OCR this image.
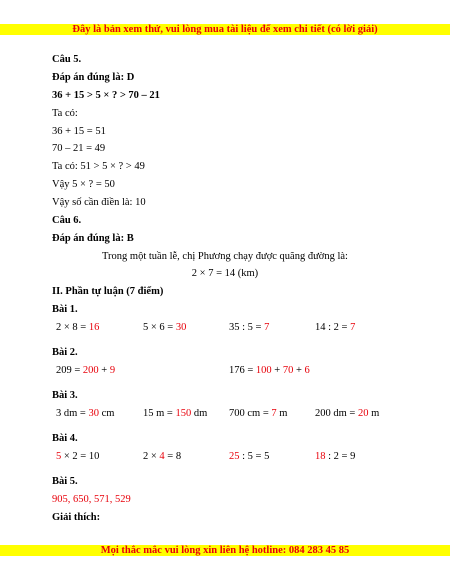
Đây là bản xem thử, vui lòng mua tài liệu để xem chi tiết (có lời giải)
Câu 5.
Đáp án đúng là: D
36 + 15 > 5 × ? > 70 – 21
Ta có:
36 + 15 = 51
70 – 21 = 49
Ta có: 51 > 5 × ? > 49
Vậy 5 × ? = 50
Vậy số cần điền là: 10
Câu 6.
Đáp án đúng là: B
Trong một tuần lễ, chị Phương chạy được quãng đường là:
2 × 7 = 14 (km)
II. Phần tự luận (7 điểm)
Bài 1.
2 × 8 = 16	5 × 6 = 30	35 : 5 = 7	14 : 2 = 7
Bài 2.
209 = 200 + 9	176 = 100 + 70 + 6
Bài 3.
3 dm = 30 cm	15 m = 150 dm 700 cm = 7 m	200 dm = 20 m
Bài 4.
5 × 2 = 10	2 × 4 = 8	25 : 5 = 5	18 : 2 = 9
Bài 5.
905, 650, 571, 529
Giải thích:
Mọi thắc mắc vui lòng xin liên hệ hotline: 084 283 45 85
